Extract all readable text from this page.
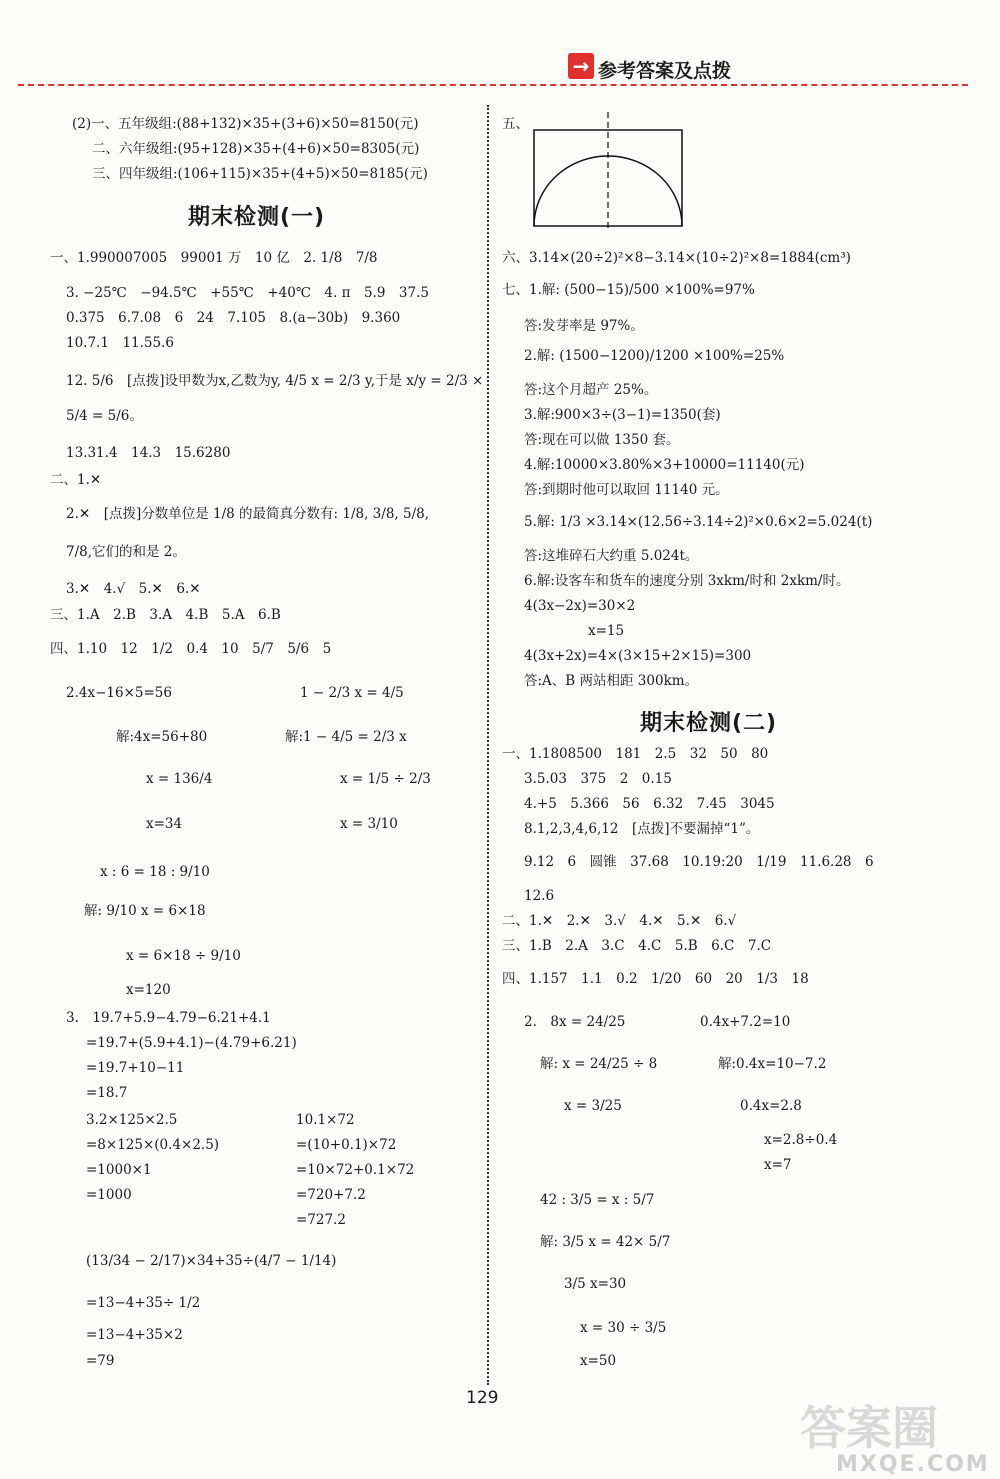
→ 参考答案及点拨
(2)一、五年级组:(88+132)×35+(3+6)×50=8150(元)
二、六年级组:(95+128)×35+(4+6)×50=8305(元)
三、四年级组:(106+115)×35+(4+5)×50=8185(元)
期末检测(一)
一、1.990007005　99001 万　10 亿　2. 1/8　7/8
3. −25℃　−94.5℃　+55℃　+40℃　4. π　5.9　37.5
0.375　6.7.08　6　24　7.105　8.(a−30b)　9.360
10.7.1　11.55.6
12. 5/6　[点拨]设甲数为x,乙数为y, 4/5 x = 2/3 y,于是 x/y = 2/3 ×
5/4 = 5/6。
13.31.4　14.3　15.6280
二、1.✕
2.✕　[点拨]分数单位是 1/8 的最简真分数有: 1/8, 3/8, 5/8,
7/8,它们的和是 2。
3.✕　4.√　5.✕　6.✕
三、1.A　2.B　3.A　4.B　5.A　6.B
四、1.10　12　1/2　0.4　10　5/7　5/6　5
2.4x−16×5=56	1 − 2/3 x = 4/5
解:4x=56+80	解:1 − 4/5 = 2/3 x
x = 136/4	x = 1/5 ÷ 2/3
x=34	x = 3/10
x : 6 = 18 : 9/10
解: 9/10 x = 6×18
x = 6×18 ÷ 9/10
x=120
3.　19.7+5.9−4.79−6.21+4.1
=19.7+(5.9+4.1)−(4.79+6.21)
=19.7+10−11
=18.7
3.2×125×2.5
=8×125×(0.4×2.5)
=1000×1
=1000
10.1×72
=(10+0.1)×72
=10×72+0.1×72
=720+7.2
=727.2
(13/34 − 2/17)×34+35÷(4/7 − 1/14)
=13−4+35÷ 1/2
=13−4+35×2
=79
五、
六、3.14×(20÷2)²×8−3.14×(10÷2)²×8=1884(cm³)
七、1.解: (500−15)/500 ×100%=97%
答:发芽率是 97%。
2.解: (1500−1200)/1200 ×100%=25%
答:这个月超产 25%。
3.解:900×3÷(3−1)=1350(套)
答:现在可以做 1350 套。
4.解:10000×3.80%×3+10000=11140(元)
答:到期时他可以取回 11140 元。
5.解: 1/3 ×3.14×(12.56÷3.14÷2)²×0.6×2=5.024(t)
答:这堆碎石大约重 5.024t。
6.解:设客车和货车的速度分别 3xkm/时和 2xkm/时。
4(3x−2x)=30×2
x=15
4(3x+2x)=4×(3×15+2×15)=300
答:A、B 两站相距 300km。
期末检测(二)
一、1.1808500　181　2.5　32　50　80
3.5.03　375　2　0.15
4.+5　5.366　56　6.32　7.45　3045
8.1,2,3,4,6,12　[点拨]不要漏掉“1”。
9.12　6　圆锥　37.68　10.19:20　1/19　11.6.28　6
12.6
二、1.✕　2.✕　3.√　4.✕　5.✕　6.√
三、1.B　2.A　3.C　4.C　5.B　6.C　7.C
四、1.157　1.1　0.2　1/20　60　20　1/3　18
2.　8x = 24/25	0.4x+7.2=10
解: x = 24/25 ÷ 8	解:0.4x=10−7.2
x = 3/25	0.4x=2.8
x=2.8÷0.4
x=7
42 : 3/5 = x : 5/7
解: 3/5 x = 42× 5/7
3/5 x=30
x = 30 ÷ 3/5
x=50
129
答案圈
MXQE.COM
